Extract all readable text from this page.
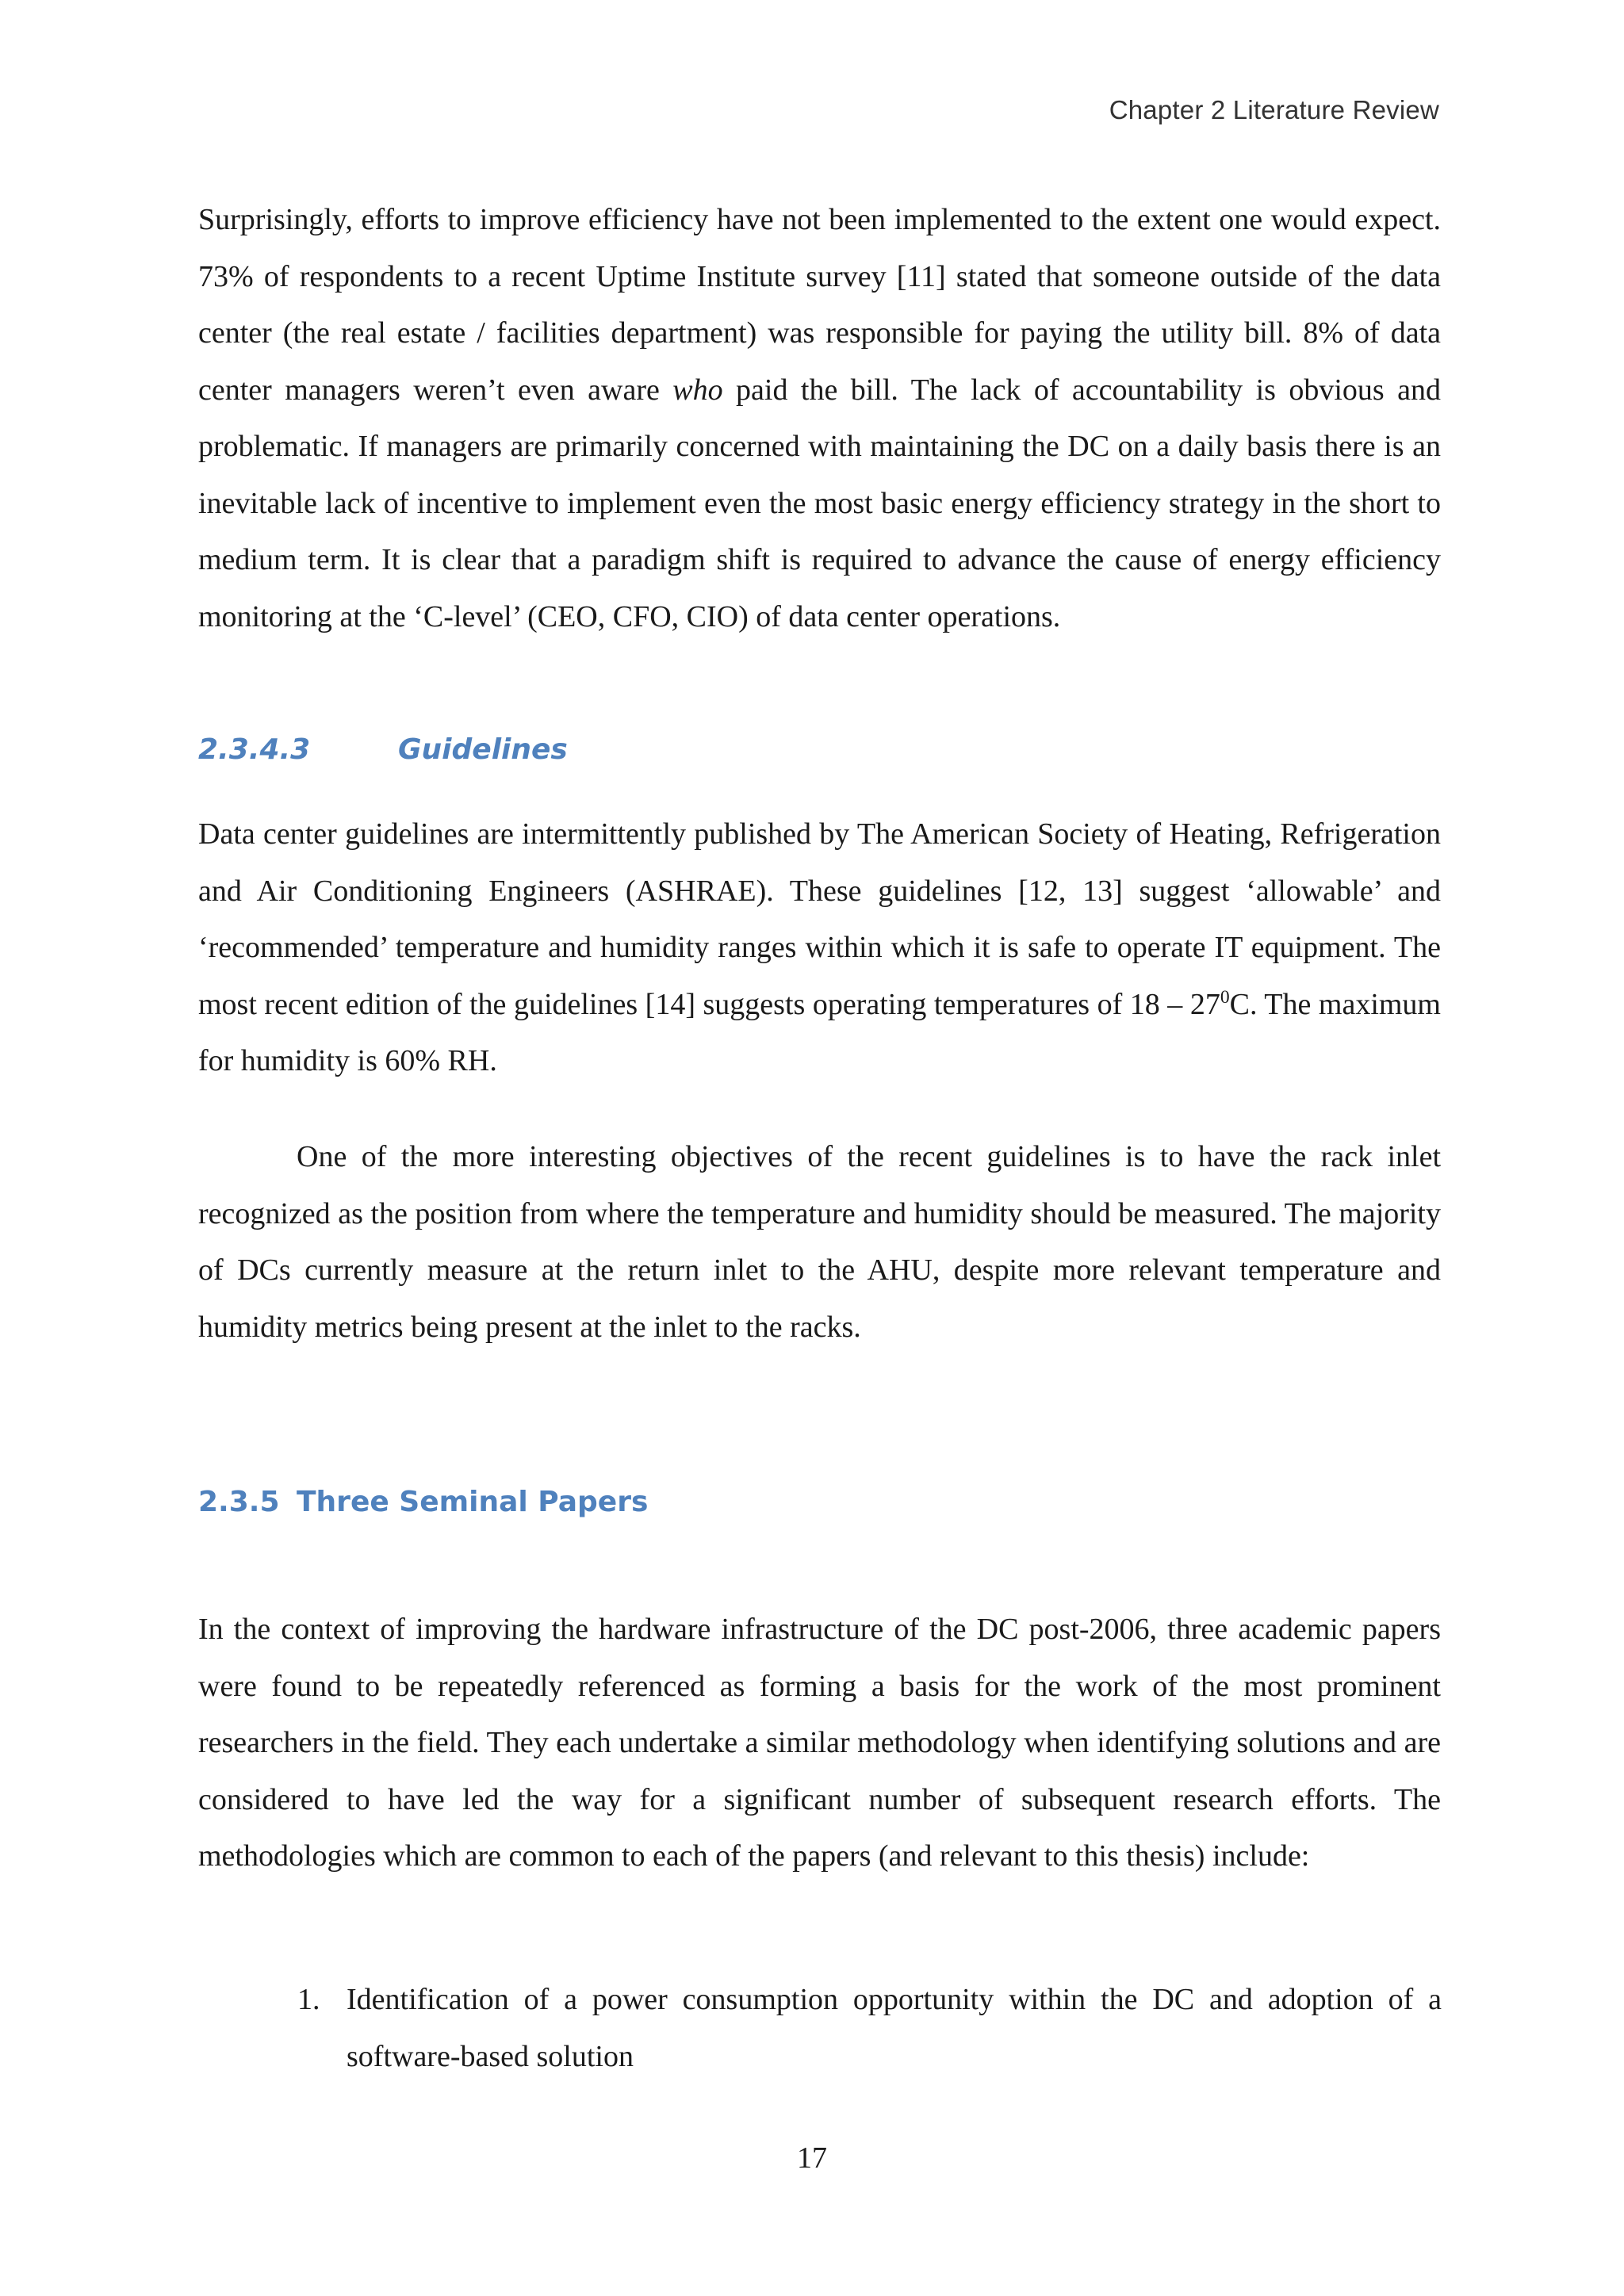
Chapter 2 Literature Review

Surprisingly, efforts to improve efficiency have not been implemented to the extent one would expect. 73% of respondents to a recent Uptime Institute survey [11] stated that someone outside of the data center (the real estate / facilities department) was responsible for paying the utility bill. 8% of data center managers weren’t even aware who paid the bill. The lack of accountability is obvious and problematic. If managers are primarily concerned with maintaining the DC on a daily basis there is an inevitable lack of incentive to implement even the most basic energy efficiency strategy in the short to medium term. It is clear that a paradigm shift is required to advance the cause of energy efficiency monitoring at the ‘C-level’ (CEO, CFO, CIO) of data center operations.

2.3.4.3	Guidelines

Data center guidelines are intermittently published by The American Society of Heating, Refrigeration and Air Conditioning Engineers (ASHRAE). These guidelines [12, 13] suggest ‘allowable’ and ‘recommended’ temperature and humidity ranges within which it is safe to operate IT equipment. The most recent edition of the guidelines [14] suggests operating temperatures of $18 - 27^0C$. The maximum for humidity is 60% RH.

One of the more interesting objectives of the recent guidelines is to have the rack inlet recognized as the position from where the temperature and humidity should be measured. The majority of DCs currently measure at the return inlet to the AHU, despite more relevant temperature and humidity metrics being present at the inlet to the racks.

2.3.5 Three Seminal Papers

In the context of improving the hardware infrastructure of the DC post-2006, three academic papers were found to be repeatedly referenced as forming a basis for the work of the most prominent researchers in the field. They each undertake a similar methodology when identifying solutions and are considered to have led the way for a significant number of subsequent research efforts. The methodologies which are common to each of the papers (and relevant to this thesis) include:

1. Identification of a power consumption opportunity within the DC and adoption of a software-based solution
17
